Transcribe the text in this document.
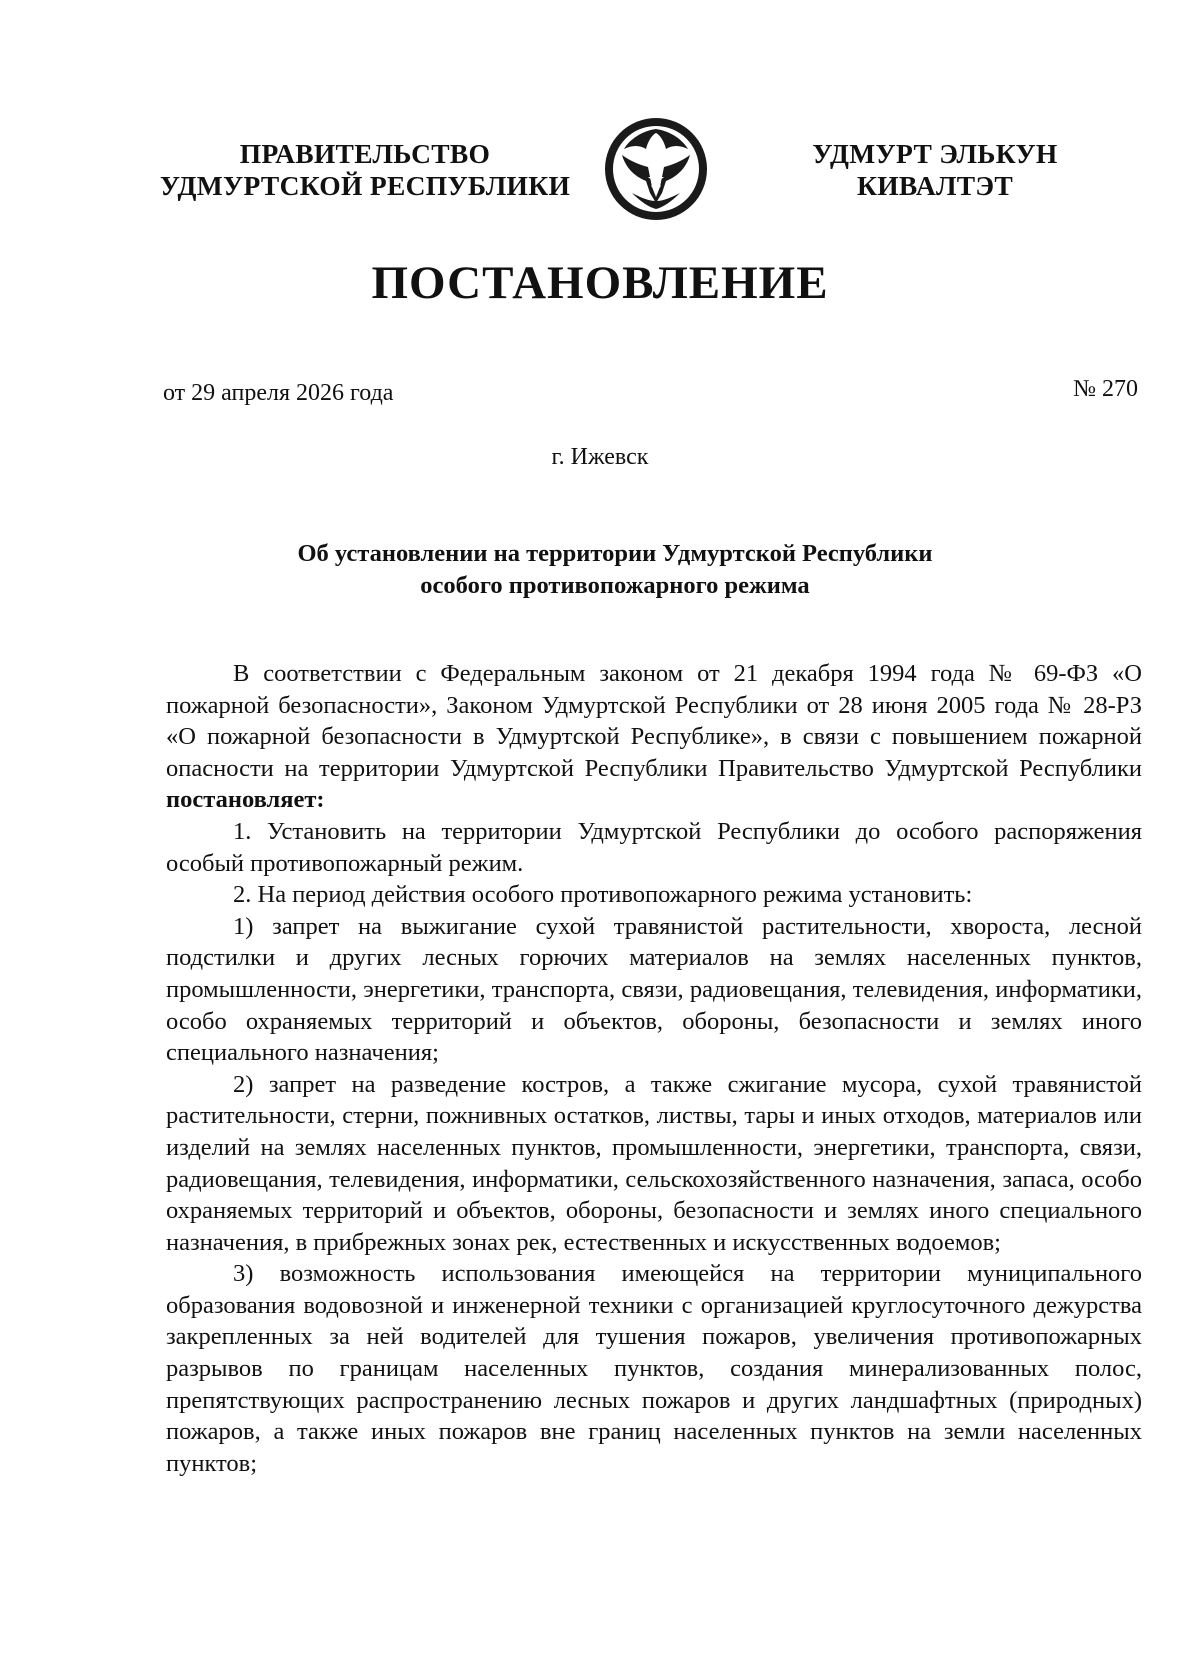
ПРАВИТЕЛЬСТВО
УДМУРТСКОЙ РЕСПУБЛИКИ
УДМУРТ ЭЛЬКУН
КИВАЛТЭТ
ПОСТАНОВЛЕНИЕ
от 29 апреля 2026 года	№ 270
г. Ижевск
Об установлении на территории Удмуртской Республики
особого противопожарного режима

В соответствии с Федеральным законом от 21 декабря 1994 года № 69-ФЗ «О пожарной безопасности», Законом Удмуртской Республики от 28 июня 2005 года № 28-РЗ «О пожарной безопасности в Удмуртской Республике», в связи с повышением пожарной опасности на территории Удмуртской Республики Правительство Удмуртской Республики постановляет:

1. Установить на территории Удмуртской Республики до особого распоряжения особый противопожарный режим.

2. На период действия особого противопожарного режима установить:

1) запрет на выжигание сухой травянистой растительности, хвороста, лесной подстилки и других лесных горючих материалов на землях населенных пунктов, промышленности, энергетики, транспорта, связи, радиовещания, телевидения, информатики, особо охраняемых территорий и объектов, обороны, безопасности и землях иного специального назначения;

2) запрет на разведение костров, а также сжигание мусора, сухой травянистой растительности, стерни, пожнивных остатков, листвы, тары и иных отходов, материалов или изделий на землях населенных пунктов, промышленности, энергетики, транспорта, связи, радиовещания, телевидения, информатики, сельскохозяйственного назначения, запаса, особо охраняемых территорий и объектов, обороны, безопасности и землях иного специального назначения, в прибрежных зонах рек, естественных и искусственных водоемов;

3) возможность использования имеющейся на территории муниципального образования водовозной и инженерной техники с организацией круглосуточного дежурства закрепленных за ней водителей для тушения пожаров, увеличения противопожарных разрывов по границам населенных пунктов, создания минерализованных полос, препятствующих распространению лесных пожаров и других ландшафтных (природных) пожаров, а также иных пожаров вне границ населенных пунктов на земли населенных пунктов;
